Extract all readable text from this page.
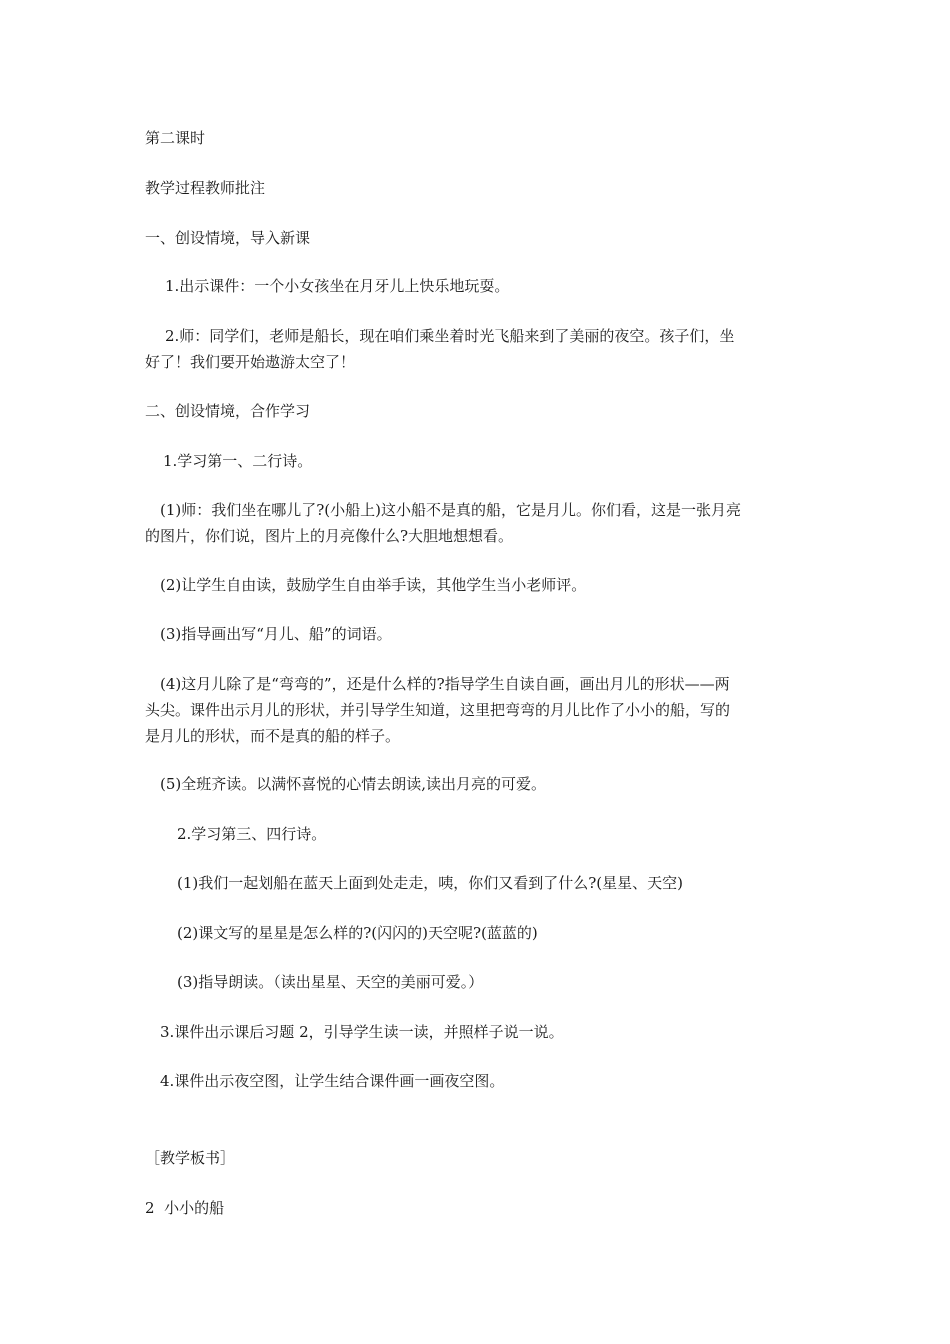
第二课时
教学过程教师批注
一、创设情境，导入新课
1.出示课件：一个小女孩坐在月牙儿上快乐地玩耍。
2.师：同学们，老师是船长，现在咱们乘坐着时光飞船来到了美丽的夜空。孩子们，坐
好了！我们要开始遨游太空了！
二、创设情境，合作学习
1.学习第一、二行诗。
(1)师：我们坐在哪儿了?(小船上)这小船不是真的船，它是月儿。你们看，这是一张月亮
的图片，你们说，图片上的月亮像什么?大胆地想想看。
(2)让学生自由读，鼓励学生自由举手读，其他学生当小老师评。
(3)指导画出写“月儿、船”的词语。
(4)这月儿除了是“弯弯的”，还是什么样的?指导学生自读自画，画出月儿的形状——两
头尖。课件出示月儿的形状，并引导学生知道，这里把弯弯的月儿比作了小小的船，写的
是月儿的形状，而不是真的船的样子。
(5)全班齐读。以满怀喜悦的心情去朗读,读出月亮的可爱。
2.学习第三、四行诗。
(1)我们一起划船在蓝天上面到处走走，咦，你们又看到了什么?(星星、天空)
(2)课文写的星星是怎么样的?(闪闪的)天空呢?(蓝蓝的)
(3)指导朗读。（读出星星、天空的美丽可爱。）
3.课件出示课后习题 2，引导学生读一读，并照样子说一说。
4.课件出示夜空图，让学生结合课件画一画夜空图。
［教学板书］
2  小小的船
